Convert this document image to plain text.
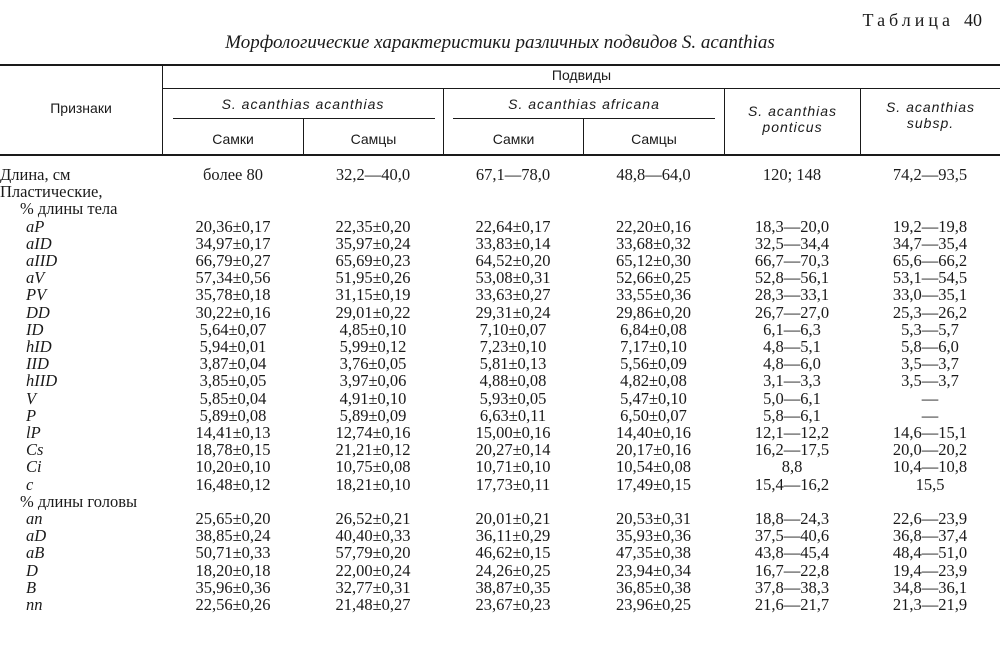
Таблица 40
Морфологические характеристики различных подвидов S. acanthias
Признаки
Подвиды
S. acanthias acanthias	S. acanthias africana	S. acanthias ponticus
S. acanthias subsp.
Самки	Самцы	Самки	Самцы
Длина, см	более 80	32,2—40,0	67,1—78,0	48,8—64,0	120; 148	74,2—93,5
Пластические,						
% длины тела						
aP	20,36±0,17	22,35±0,20	22,64±0,17	22,20±0,16	18,3—20,0	19,2—19,8
aID	34,97±0,17	35,97±0,24	33,83±0,14	33,68±0,32	32,5—34,4	34,7—35,4
aIID	66,79±0,27	65,69±0,23	64,52±0,20	65,12±0,30	66,7—70,3	65,6—66,2
aV	57,34±0,56	51,95±0,26	53,08±0,31	52,66±0,25	52,8—56,1	53,1—54,5
PV	35,78±0,18	31,15±0,19	33,63±0,27	33,55±0,36	28,3—33,1	33,0—35,1
DD	30,22±0,16	29,01±0,22	29,31±0,24	29,86±0,20	26,7—27,0	25,3—26,2
ID	5,64±0,07	4,85±0,10	7,10±0,07	6,84±0,08	6,1—6,3	5,3—5,7
hID	5,94±0,01	5,99±0,12	7,23±0,10	7,17±0,10	4,8—5,1	5,8—6,0
IID	3,87±0,04	3,76±0,05	5,81±0,13	5,56±0,09	4,8—6,0	3,5—3,7
hIID	3,85±0,05	3,97±0,06	4,88±0,08	4,82±0,08	3,1—3,3	3,5—3,7
V	5,85±0,04	4,91±0,10	5,93±0,05	5,47±0,10	5,0—6,1	—
P	5,89±0,08	5,89±0,09	6,63±0,11	6,50±0,07	5,8—6,1	—
lP	14,41±0,13	12,74±0,16	15,00±0,16	14,40±0,16	12,1—12,2	14,6—15,1
Cs	18,78±0,15	21,21±0,12	20,27±0,14	20,17±0,16	16,2—17,5	20,0—20,2
Ci	10,20±0,10	10,75±0,08	10,71±0,10	10,54±0,08	8,8	10,4—10,8
c	16,48±0,12	18,21±0,10	17,73±0,11	17,49±0,15	15,4—16,2	15,5
% длины головы						
an	25,65±0,20	26,52±0,21	20,01±0,21	20,53±0,31	18,8—24,3	22,6—23,9
aD	38,85±0,24	40,40±0,33	36,11±0,29	35,93±0,36	37,5—40,6	36,8—37,4
aB	50,71±0,33	57,79±0,20	46,62±0,15	47,35±0,38	43,8—45,4	48,4—51,0
D	18,20±0,18	22,00±0,24	24,26±0,25	23,94±0,34	16,7—22,8	19,4—23,9
B	35,96±0,36	32,77±0,31	38,87±0,35	36,85±0,38	37,8—38,3	34,8—36,1
nn	22,56±0,26	21,48±0,27	23,67±0,23	23,96±0,25	21,6—21,7	21,3—21,9
